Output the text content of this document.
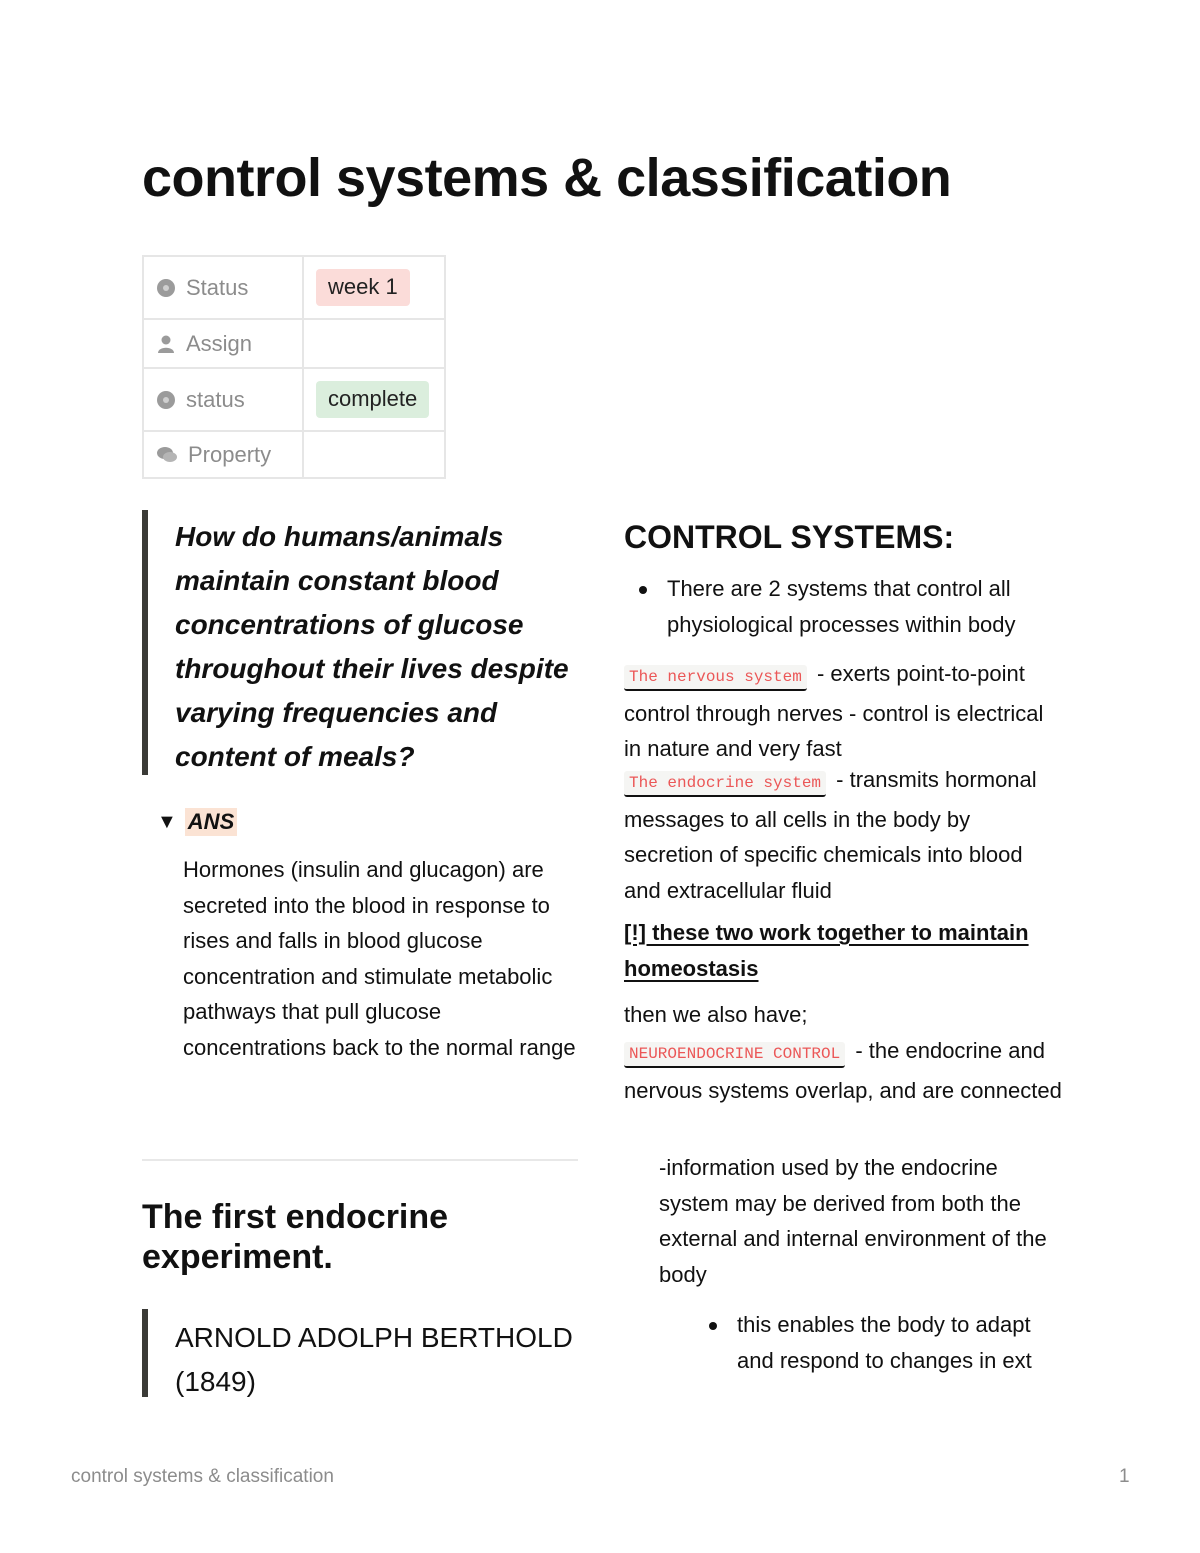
control systems & classification
Status	week 1
Assign	
status	complete
Property	

How do humans/animals maintain constant blood concentrations of glucose throughout their lives despite varying frequencies and content of meals?

▼ ANS

Hormones (insulin and glucagon) are secreted into the blood in response to rises and falls in blood glucose concentration and stimulate metabolic pathways that pull glucose concentrations back to the normal range

The first endocrine experiment.

ARNOLD ADOLPH BERTHOLD (1849)

CONTROL SYSTEMS:
There are 2 systems that control all physiological processes within body

The nervous system - exerts point-to-point control through nerves - control is electrical in nature and very fast

The endocrine system - transmits hormonal messages to all cells in the body by secretion of specific chemicals into blood and extracellular fluid

[!] these two work together to maintain homeostasis

then we also have;

NEUROENDOCRINE CONTROL - the endocrine and nervous systems overlap, and are connected

-information used by the endocrine system may be derived from both the external and internal environment of the body

this enables the body to adapt and respond to changes in ext
control systems & classification	1
